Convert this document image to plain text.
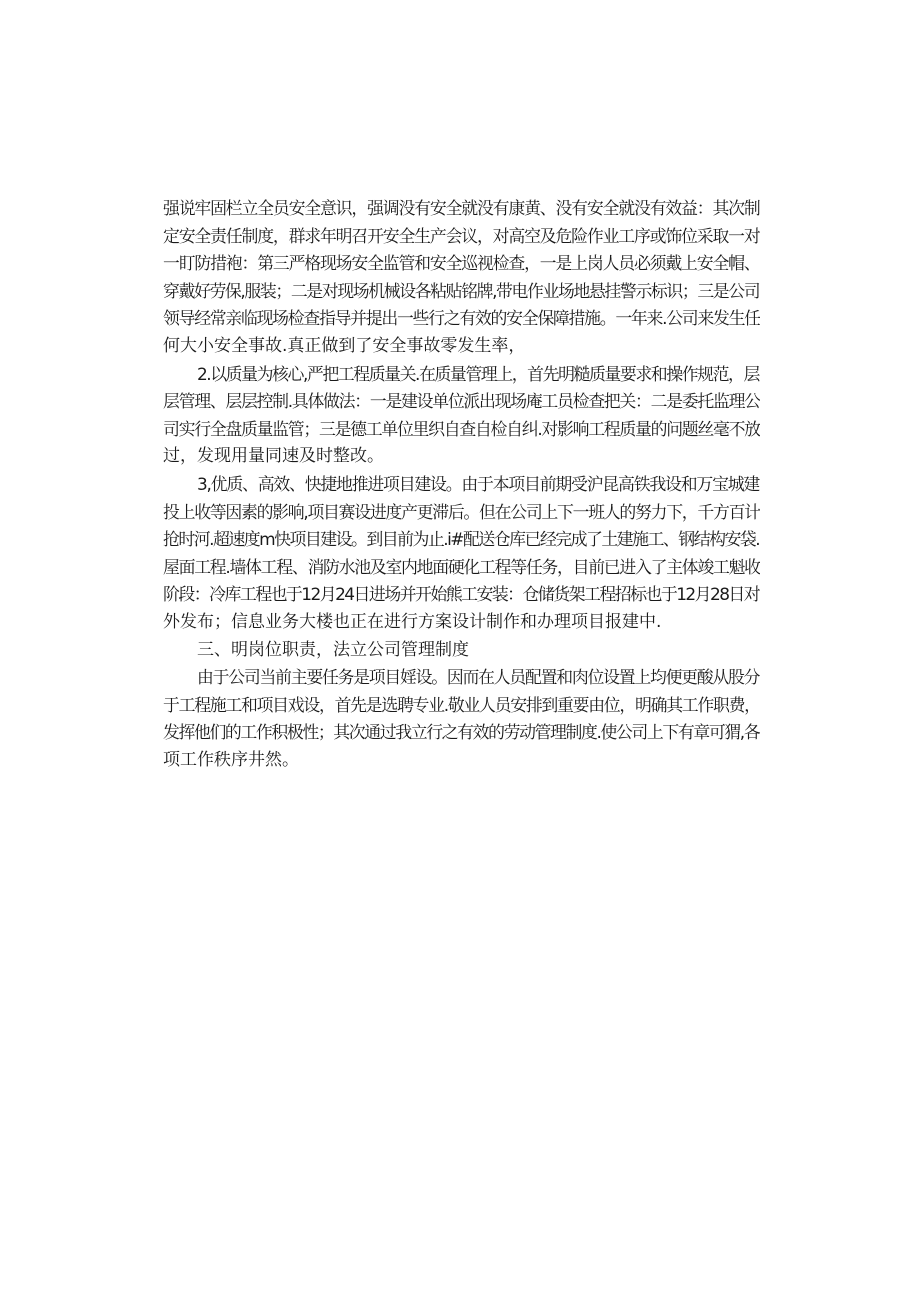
强说牢固栏立全员安全意识，强调没有安全就没有康黄、没有安全就没有效益：其次制
定安全责任制度，群求年明召开安全生产会议，对高空及危险作业工序或饰位采取一对
一盯防措袍：第三严格现场安全监管和安全巡视检查，一是上岗人员必须戴上安全帽、
穿戴好劳保,服装；二是对现场机械设各粘贴铭牌,带电作业场地悬挂警示标识；三是公司
领导经常亲临现场检查指导并提出一些行之有效的安全保障措施。一年来.公司来发生任
何大小安全事故.真正做到了安全事故零发生率，
2.以质量为核心,严把工程质量关.在质量管理上，首先明糙质量要求和操作规范，层
层管理、层层控制.具体做法：一是建设单位派出现场庵工员检查把关：二是委托监理公
司实行全盘质量监管；三是德工单位里织自查自检自纠.对影响工程质量的问题丝毫不放
过，发现用量同速及时整改。
3,优质、高效、快捷地推进项目建设。由于本项目前期受沪昆高铁我设和万宝城建
投上收等因素的影响,项目赛设进度产更滞后。但在公司上下一班人的努力下，千方百计
抢时河.超速度m快项目建设。到目前为止.i#配送仓库已经完成了土建施工、钢结构安袋.
屋面工程.墙体工程、消防水池及室内地面硬化工程等任务，目前已进入了主体竣工魁收
阶段：冷库工程也于12月24日进场并开始熊工安装：仓储货架工程招标也于12月28日对
外发布；信息业务大楼也正在进行方案设计制作和办理项目报建中.
三、明岗位职责，法立公司管理制度
由于公司当前主要任务是项目婬设。因而在人员配置和肉位设置上均便更酸从股分
于工程施工和项目戏设，首先是选聘专业.敬业人员安排到重要由位，明确其工作职费，
发挥他们的工作积极性；其次通过我立行之有效的劳动管理制度.使公司上下有章可猬,各
项工作秩序井然。
